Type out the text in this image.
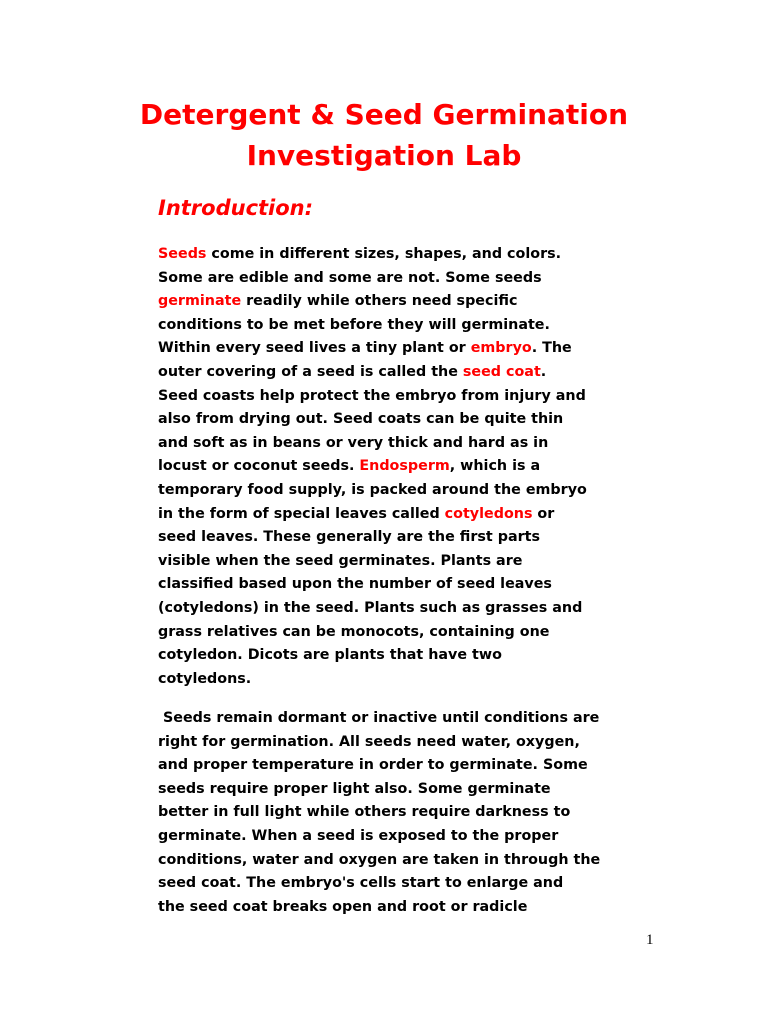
Detergent & Seed Germination
Investigation Lab
Introduction:
Seeds come in different sizes, shapes, and colors.
Some are edible and some are not. Some seeds
germinate readily while others need specific
conditions to be met before they will germinate.
Within every seed lives a tiny plant or embryo. The
outer covering of a seed is called the seed coat.
Seed coasts help protect the embryo from injury and
also from drying out. Seed coats can be quite thin
and soft as in beans or very thick and hard as in
locust or coconut seeds. Endosperm, which is a
temporary food supply, is packed around the embryo
in the form of special leaves called cotyledons or
seed leaves. These generally are the first parts
visible when the seed germinates. Plants are
classified based upon the number of seed leaves
(cotyledons) in the seed. Plants such as grasses and
grass relatives can be monocots, containing one
cotyledon. Dicots are plants that have two
cotyledons.
Seeds remain dormant or inactive until conditions are
right for germination. All seeds need water, oxygen,
and proper temperature in order to germinate. Some
seeds require proper light also. Some germinate
better in full light while others require darkness to
germinate. When a seed is exposed to the proper
conditions, water and oxygen are taken in through the
seed coat. The embryo's cells start to enlarge and
the seed coat breaks open and root or radicle
1
